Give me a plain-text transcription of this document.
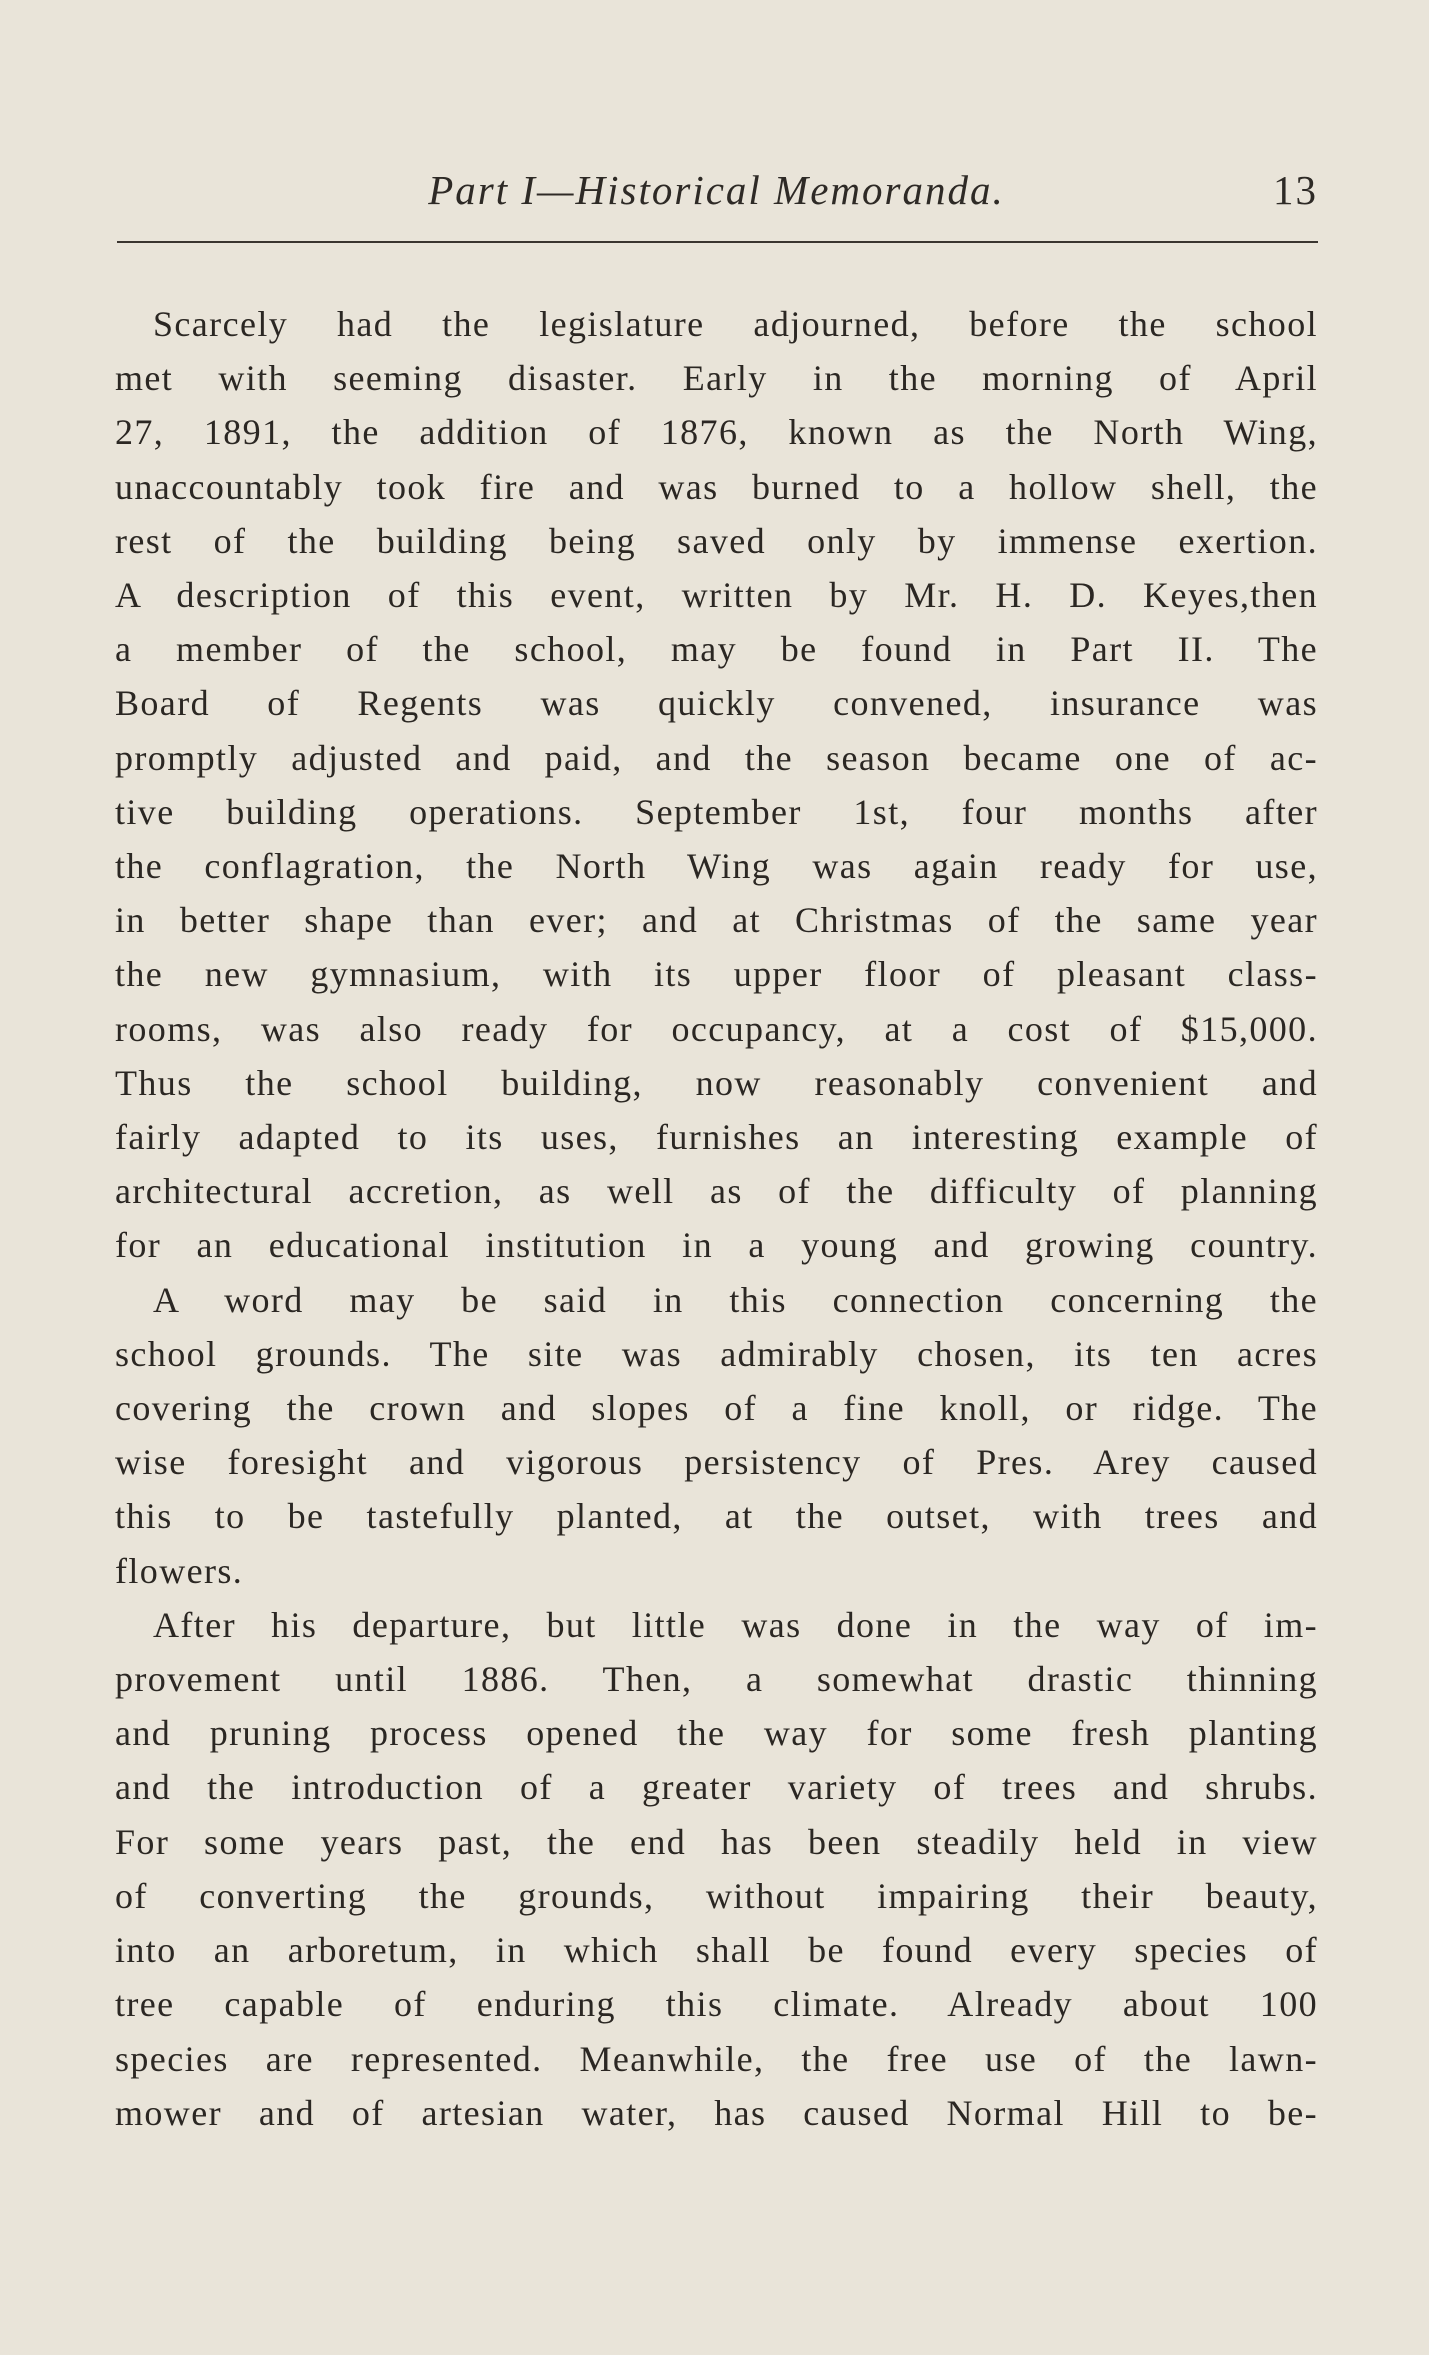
Part I—Historical Memoranda.	13

Scarcely had the legislature adjourned, before the school
met with seeming disaster. Early in the morning of April
27, 1891, the addition of 1876, known as the North Wing,
unaccountably took fire and was burned to a hollow shell, the
rest of the building being saved only by immense exertion.
A description of this event, written by Mr. H. D. Keyes,then
a member of the school, may be found in Part II. The
Board of Regents was quickly convened, insurance was
promptly adjusted and paid, and the season became one of ac-
tive building operations. September 1st, four months after
the conflagration, the North Wing was again ready for use,
in better shape than ever; and at Christmas of the same year
the new gymnasium, with its upper floor of pleasant class-
rooms, was also ready for occupancy, at a cost of $15,000.
Thus the school building, now reasonably convenient and
fairly adapted to its uses, furnishes an interesting example of
architectural accretion, as well as of the difficulty of planning
for an educational institution in a young and growing country.

A word may be said in this connection concerning the
school grounds. The site was admirably chosen, its ten acres
covering the crown and slopes of a fine knoll, or ridge. The
wise foresight and vigorous persistency of Pres. Arey caused
this to be tastefully planted, at the outset, with trees and
flowers.

After his departure, but little was done in the way of im-
provement until 1886. Then, a somewhat drastic thinning
and pruning process opened the way for some fresh planting
and the introduction of a greater variety of trees and shrubs.
For some years past, the end has been steadily held in view
of converting the grounds, without impairing their beauty,
into an arboretum, in which shall be found every species of
tree capable of enduring this climate. Already about 100
species are represented. Meanwhile, the free use of the lawn-
mower and of artesian water, has caused Normal Hill to be-
